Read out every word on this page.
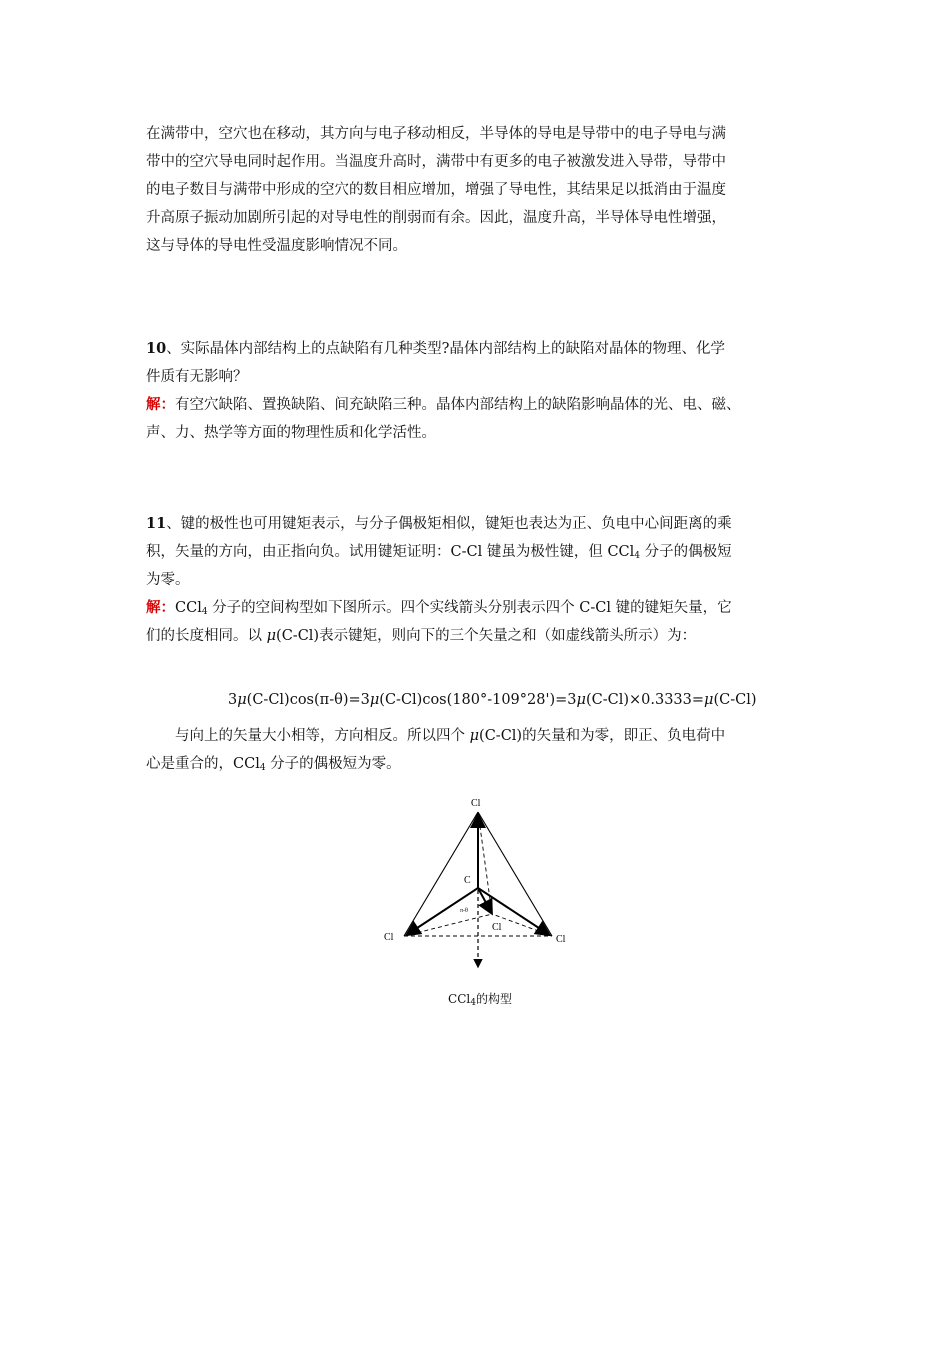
在满带中，空穴也在移动，其方向与电子移动相反，半导体的导电是导带中的电子导电与满
带中的空穴导电同时起作用。当温度升高时，满带中有更多的电子被激发进入导带，导带中
的电子数目与满带中形成的空穴的数目相应增加，增强了导电性，其结果足以抵消由于温度
升高原子振动加剧所引起的对导电性的削弱而有余。因此，温度升高，半导体导电性增强，
这与导体的导电性受温度影响情况不同。
10、实际晶体内部结构上的点缺陷有几种类型?晶体内部结构上的缺陷对晶体的物理、化学
件质有无影响？
解：有空穴缺陷、置换缺陷、间充缺陷三种。晶体内部结构上的缺陷影响晶体的光、电、磁、
声、力、热学等方面的物理性质和化学活性。
11、键的极性也可用键矩表示，与分子偶极矩相似，键矩也表达为正、负电中心间距离的乘
积，矢量的方向，由正指向负。试用键矩证明：C-Cl 键虽为极性键，但 CCl$_4$ 分子的偶极短
为零。
解：CCl$_4$ 分子的空间构型如下图所示。四个实线箭头分别表示四个 C-Cl 键的键矩矢量，它
们的长度相同。以 μ(C-Cl)表示键矩，则向下的三个矢量之和（如虚线箭头所示）为：
3μ(C-Cl)cos(π-θ)=3μ(C-Cl)cos(180°-109°28')=3μ(C-Cl)×0.3333=μ(C-Cl)
与向上的矢量大小相等，方向相反。所以四个 μ(C-Cl)的矢量和为零，即正、负电荷中
心是重合的，CCl$_4$ 分子的偶极短为零。
Cl
C
Cl	Cl
Cl
π-θ
CCl$_4$的构型
